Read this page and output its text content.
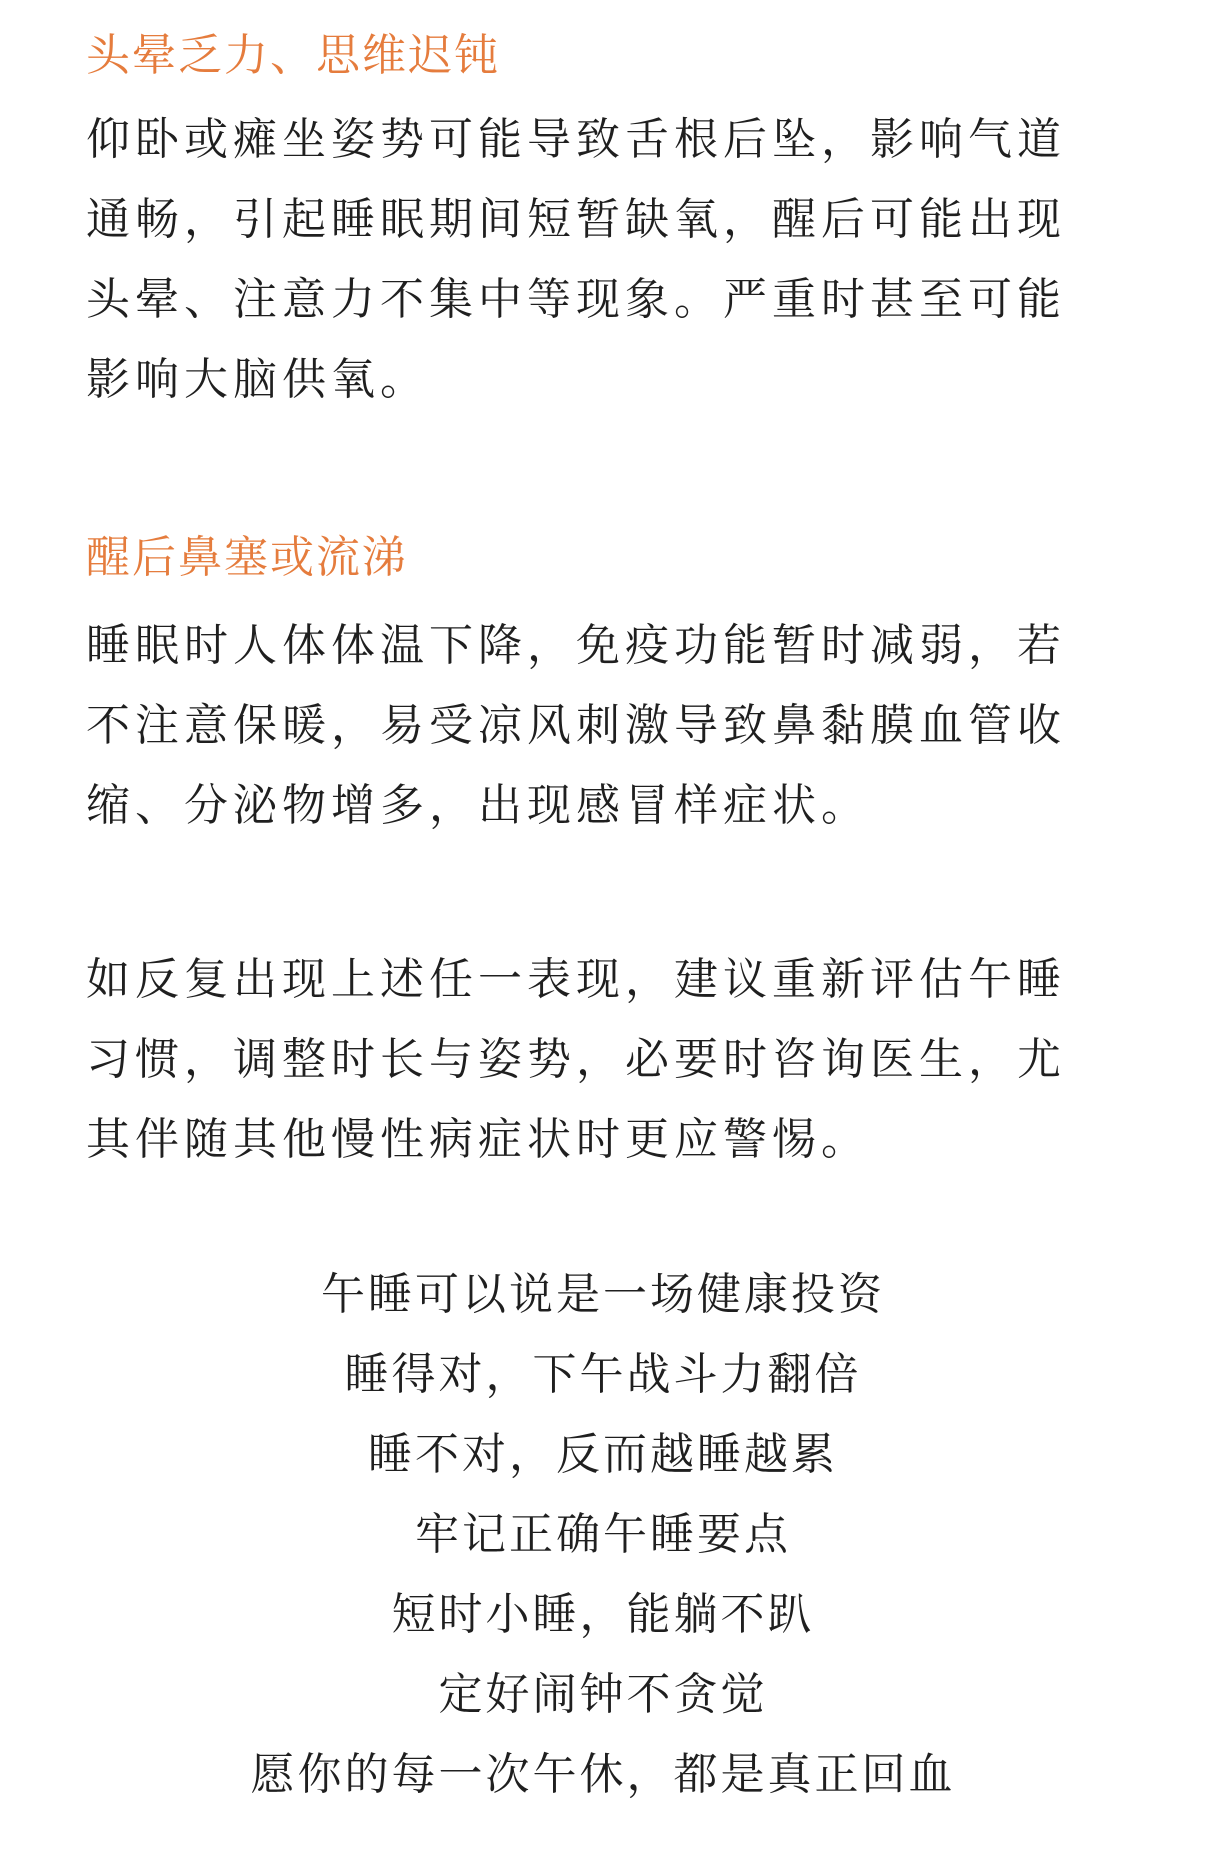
头晕乏力、思维迟钝
仰卧或瘫坐姿势可能导致舌根后坠，影响气道
通畅，引起睡眠期间短暂缺氧，醒后可能出现
头晕、注意力不集中等现象。严重时甚至可能
影响大脑供氧。
醒后鼻塞或流涕
睡眠时人体体温下降，免疫功能暂时减弱，若
不注意保暖，易受凉风刺激导致鼻黏膜血管收
缩、分泌物增多，出现感冒样症状。
如反复出现上述任一表现，建议重新评估午睡
习惯，调整时长与姿势，必要时咨询医生，尤
其伴随其他慢性病症状时更应警惕。
午睡可以说是一场健康投资
睡得对，下午战斗力翻倍
睡不对，反而越睡越累
牢记正确午睡要点
短时小睡，能躺不趴
定好闹钟不贪觉
愿你的每一次午休，都是真正回血
